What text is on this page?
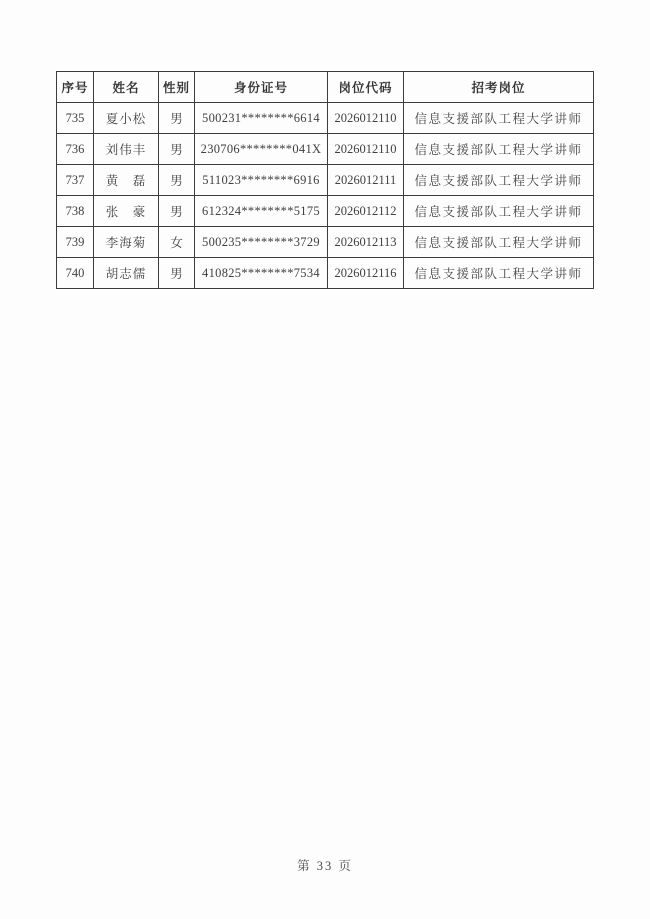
序号	姓名	性别	身份证号	岗位代码	招考岗位
735	夏小松	男	500231********6614	2026012110	信息支援部队工程大学讲师
736	刘伟丰	男	230706********041X	2026012110	信息支援部队工程大学讲师
737	黄　磊	男	511023********6916	2026012111	信息支援部队工程大学讲师
738	张　豪	男	612324********5175	2026012112	信息支援部队工程大学讲师
739	李海菊	女	500235********3729	2026012113	信息支援部队工程大学讲师
740	胡志儒	男	410825********7534	2026012116	信息支援部队工程大学讲师
第 33 页
